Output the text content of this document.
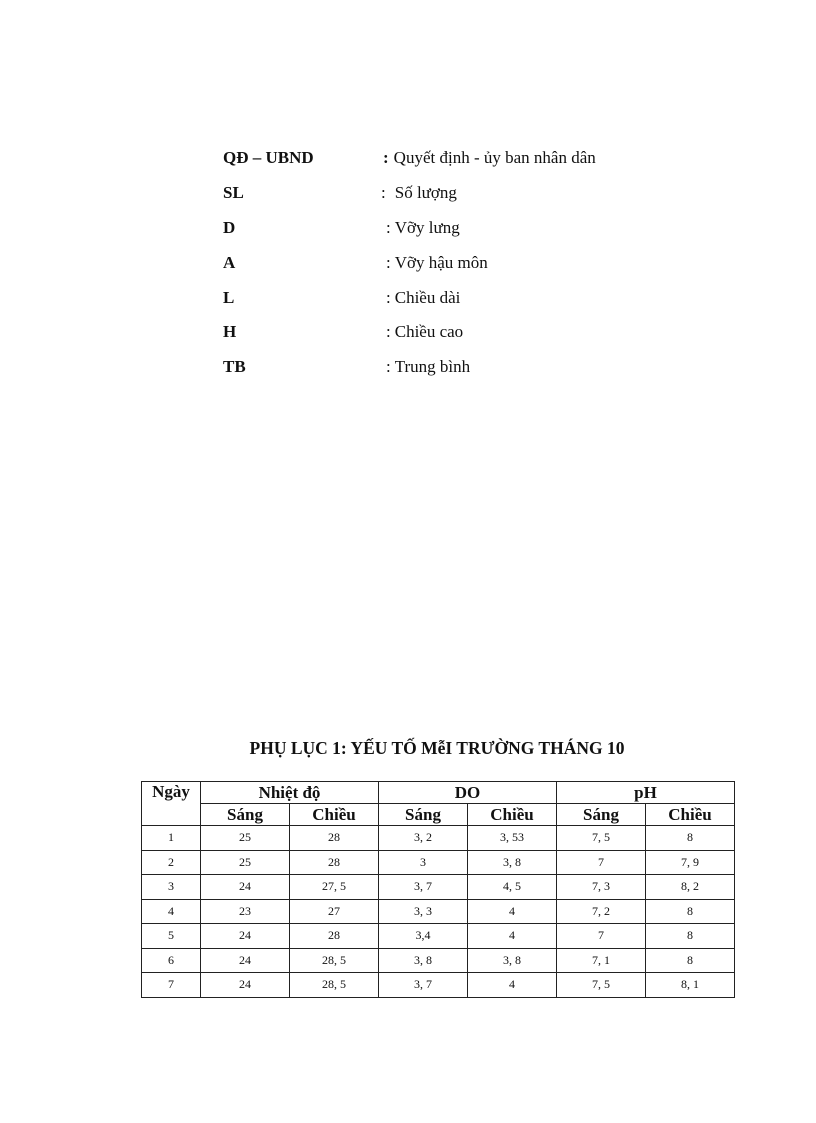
QĐ – UBND	: Quyết định - ủy ban nhân dân
SL	: Số lượng
D	: Vỡy lưng
A	: Vỡy hậu môn
L	: Chiều dài
H	: Chiều cao
TB	: Trung bình
PHỤ LỤC 1: YẾU TỐ MễI TRƯỜNG THÁNG 10
Ngày	Nhiệt độ		DO		pH	
	Sáng	Chiều	Sáng	Chiều	Sáng	Chiều
1	25	28	3, 2	3, 53	7, 5	8
2	25	28	3	3, 8	7	7, 9
3	24	27, 5	3, 7	4, 5	7, 3	8, 2
4	23	27	3, 3	4	7, 2	8
5	24	28	3,4	4	7	8
6	24	28, 5	3, 8	3, 8	7, 1	8
7	24	28, 5	3, 7	4	7, 5	8, 1
